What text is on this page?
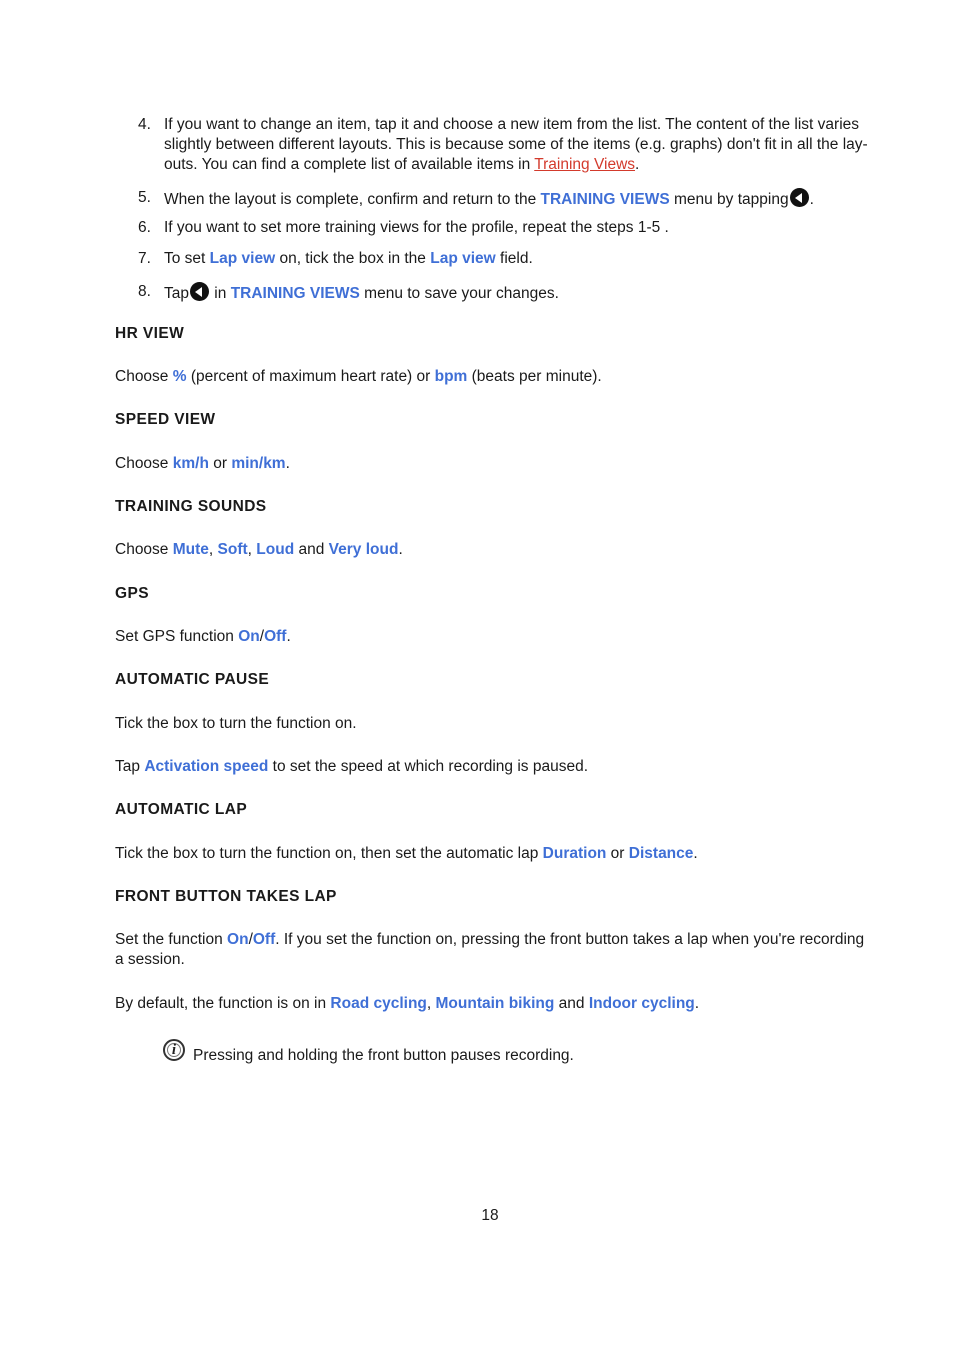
4. If you want to change an item, tap it and choose a new item from the list. The content of the list varies slightly between different layouts. This is because some of the items (e.g. graphs) don't fit in all the lay-outs. You can find a complete list of available items in Training Views.
5. When the layout is complete, confirm and return to the TRAINING VIEWS menu by tapping .
6. If you want to set more training views for the profile, repeat the steps 1-5 .
7. To set Lap view on, tick the box in the Lap view field.
8. Tap in TRAINING VIEWS menu to save your changes.
HR VIEW
Choose % (percent of maximum heart rate) or bpm (beats per minute).
SPEED VIEW
Choose km/h or min/km.
TRAINING SOUNDS
Choose Mute, Soft, Loud and Very loud.
GPS
Set GPS function On/Off.
AUTOMATIC PAUSE
Tick the box to turn the function on.
Tap Activation speed to set the speed at which recording is paused.
AUTOMATIC LAP
Tick the box to turn the function on, then set the automatic lap Duration or Distance.
FRONT BUTTON TAKES LAP
Set the function On/Off. If you set the function on, pressing the front button takes a lap when you're recording a session.
By default, the function is on in Road cycling, Mountain biking and Indoor cycling.
i	Pressing and holding the front button pauses recording.
18
